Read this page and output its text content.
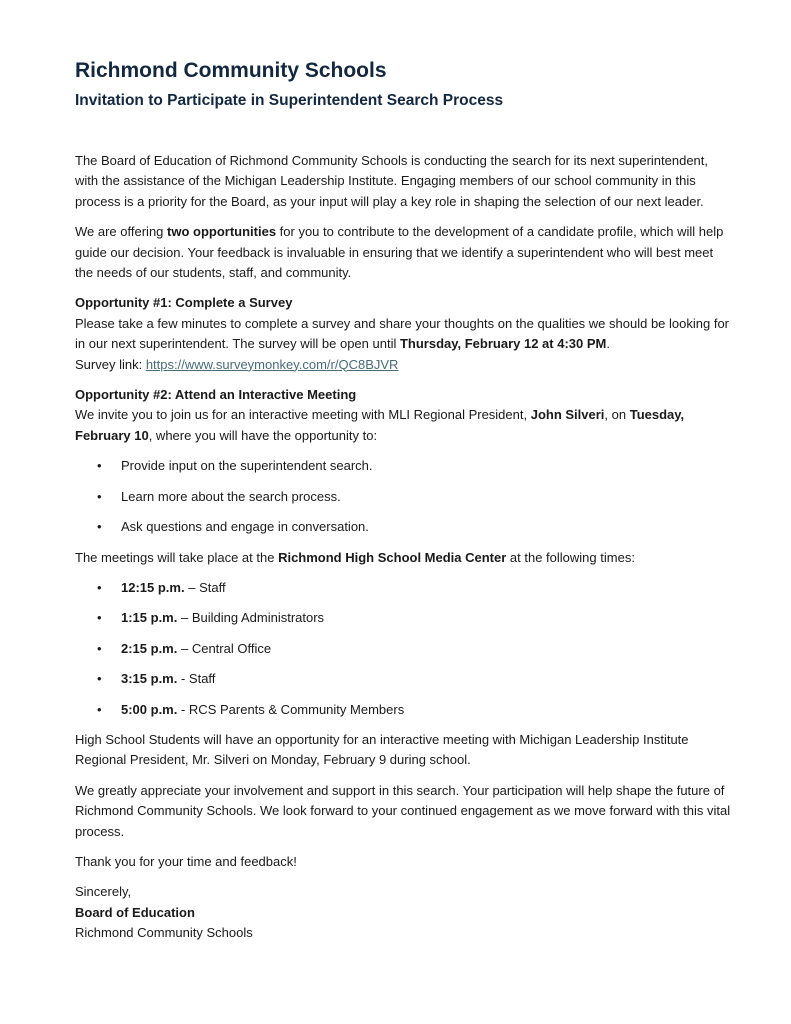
Richmond Community Schools
Invitation to Participate in Superintendent Search Process

The Board of Education of Richmond Community Schools is conducting the search for its next superintendent, with the assistance of the Michigan Leadership Institute. Engaging members of our school community in this process is a priority for the Board, as your input will play a key role in shaping the selection of our next leader.

We are offering two opportunities for you to contribute to the development of a candidate profile, which will help guide our decision. Your feedback is invaluable in ensuring that we identify a superintendent who will best meet the needs of our students, staff, and community.

Opportunity #1: Complete a Survey

Please take a few minutes to complete a survey and share your thoughts on the qualities we should be looking for in our next superintendent. The survey will be open until Thursday, February 12 at 4:30 PM.

Survey link: https://www.surveymonkey.com/r/QC8BJVR

Opportunity #2: Attend an Interactive Meeting

We invite you to join us for an interactive meeting with MLI Regional President, John Silveri, on Tuesday, February 10, where you will have the opportunity to:

• Provide input on the superintendent search.
• Learn more about the search process.
• Ask questions and engage in conversation.

The meetings will take place at the Richmond High School Media Center at the following times:

• 12:15 p.m. – Staff
• 1:15 p.m. – Building Administrators
• 2:15 p.m. – Central Office
• 3:15 p.m. - Staff
• 5:00 p.m. - RCS Parents & Community Members

High School Students will have an opportunity for an interactive meeting with Michigan Leadership Institute Regional President, Mr. Silveri on Monday, February 9 during school.

We greatly appreciate your involvement and support in this search. Your participation will help shape the future of Richmond Community Schools. We look forward to your continued engagement as we move forward with this vital process.

Thank you for your time and feedback!

Sincerely,

Board of Education

Richmond Community Schools
